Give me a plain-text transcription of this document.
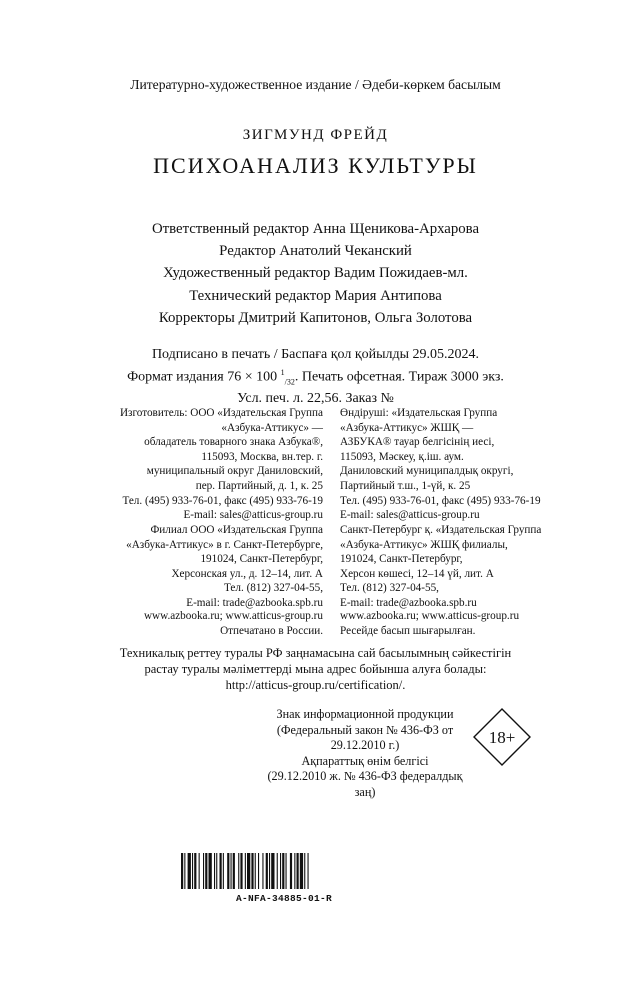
Литературно-художественное издание / Әдеби-көркем басылым
ЗИГМУНД ФРЕЙД
ПСИХОАНАЛИЗ КУЛЬТУРЫ
Ответственный редактор Анна Щеникова-Архарова
Редактор Анатолий Чеканский
Художественный редактор Вадим Пожидаев-мл.
Технический редактор Мария Антипова
Корректоры Дмитрий Капитонов, Ольга Золотова
Подписано в печать / Баспаға қол қойылды 29.05.2024.
Формат издания 76 × 100 $^1_{/32}$. Печать офсетная. Тираж 3000 экз.
Усл. печ. л. 22,56. Заказ №
Изготовитель: ООО «Издательская Группа
«Азбука-Аттикус» —
обладатель товарного знака Азбука®,
115093, Москва, вн.тер. г.
муниципальный округ Даниловский,
пер. Партийный, д. 1, к. 25
Тел. (495) 933-76-01, факс (495) 933-76-19
E-mail: sales@atticus-group.ru
Филиал ООО «Издательская Группа
«Азбука-Аттикус» в г. Санкт-Петербурге,
191024, Санкт-Петербург,
Херсонская ул., д. 12–14, лит. А
Тел. (812) 327-04-55,
E-mail: trade@azbooka.spb.ru
www.azbooka.ru; www.atticus-group.ru
Отпечатано в России.
Өндіруші: «Издательская Группа
«Азбука-Аттикус» ЖШҚ —
АЗБУКА® тауар белгісінің иесі,
115093, Мәскеу, қ.іш. аум.
Даниловский муниципалдық округі,
Партийный т.ш., 1-үй, к. 25
Тел. (495) 933-76-01, факс (495) 933-76-19
E-mail: sales@atticus-group.ru
Санкт-Петербург қ. «Издательская Группа
«Азбука-Аттикус» ЖШҚ филиалы,
191024, Санкт-Петербург,
Херсон көшесі, 12–14 үй, лит. А
Тел. (812) 327-04-55,
E-mail: trade@azbooka.spb.ru
www.azbooka.ru; www.atticus-group.ru
Ресейде басып шығарылған.
Техникалық реттеу туралы РФ заңнамасына сай басылымның сәйкестігін
растау туралы мәліметтерді мына адрес бойынша алуға болады:
http://atticus-group.ru/certification/.
Знак информационной продукции
(Федеральный закон № 436-ФЗ от 29.12.2010 г.)
Ақпараттық өнім белгісі
(29.12.2010 ж. № 436-ФЗ федералдық заң)
18+
A-NFA-34885-01-R
